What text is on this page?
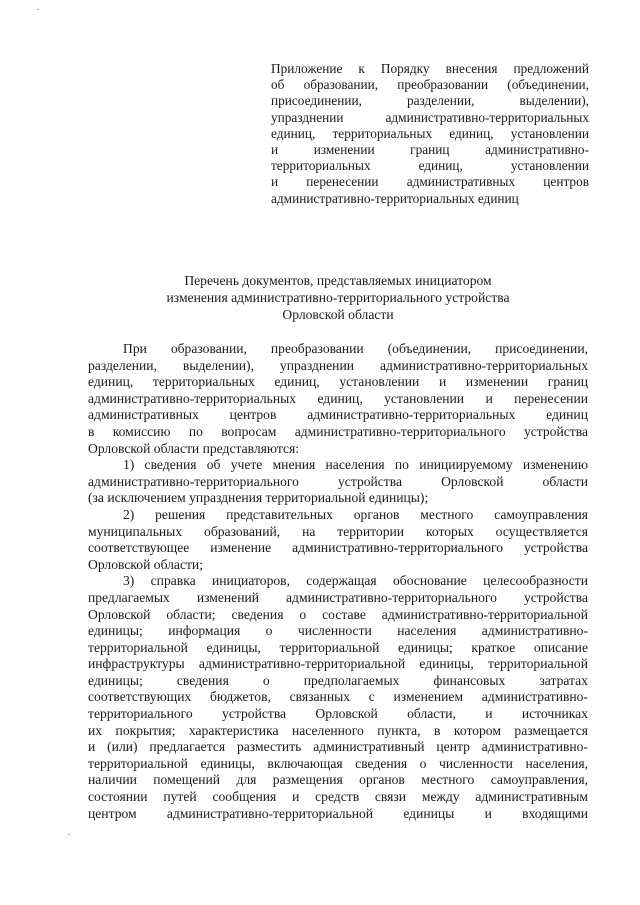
Приложение к Порядку внесения предложений
об образовании, преобразовании (объединении,
присоединении, разделении, выделении),
упразднении административно-территориальных
единиц, территориальных единиц, установлении
и изменении границ административно-
территориальных единиц, установлении
и перенесении административных центров
административно-территориальных единиц
Перечень документов, представляемых инициатором
изменения административно-территориального устройства
Орловской области
При образовании, преобразовании (объединении, присоединении,
разделении, выделении), упразднении административно-территориальных
единиц, территориальных единиц, установлении и изменении границ
административно-территориальных единиц, установлении и перенесении
административных центров административно-территориальных единиц
в комиссию по вопросам административно-территориального устройства
Орловской области представляются:
1) сведения об учете мнения населения по инициируемому изменению
административно-территориального устройства Орловской области
(за исключением упразднения территориальной единицы);
2) решения представительных органов местного самоуправления
муниципальных образований, на территории которых осуществляется
соответствующее изменение административно-территориального устройства
Орловской области;
3) справка инициаторов, содержащая обоснование целесообразности
предлагаемых изменений административно-территориального устройства
Орловской области; сведения о составе административно-территориальной
единицы; информация о численности населения административно-
территориальной единицы, территориальной единицы; краткое описание
инфраструктуры административно-территориальной единицы, территориальной
единицы; сведения о предполагаемых финансовых затратах
соответствующих бюджетов, связанных с изменением административно-
территориального устройства Орловской области, и источниках
их покрытия; характеристика населенного пункта, в котором размещается
и (или) предлагается разместить административный центр административно-
территориальной единицы, включающая сведения о численности населения,
наличии помещений для размещения органов местного самоуправления,
состоянии путей сообщения и средств связи между административным
центром административно-территориальной единицы и входящими
